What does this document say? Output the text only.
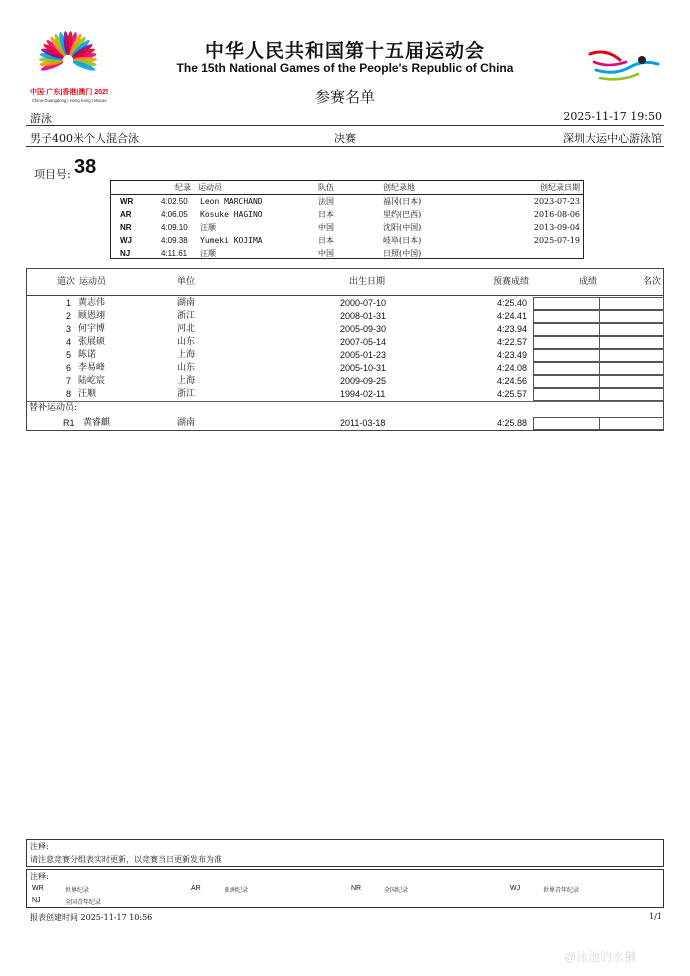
中国·广东|香港|澳门 2025
China·Guangdong | Hong Kong | Macao
中华人民共和国第十五届运动会
The 15th National Games of the People's Republic of China
参赛名单
游泳	2025-11-17 19:50
男子400米个人混合泳	决赛	深圳大运中心游泳馆
项目号: 38
纪录 运动员	队伍	创纪录地	创纪录日期
WR	4:02.50 Leon MARCHAND	法国	福冈(日本)	2023-07-23
AR	4:06.05 Kosuke HAGINO	日本	里约(巴西)	2016-08-06
NR	4:09.10 汪顺	中国	沈阳(中国)	2013-09-04
WJ	4:09.38 Yumeki KOJIMA	日本	岐阜(日本)	2025-07-19
NJ	4:11.61 汪顺	中国	日照(中国)
道次 运动员	单位	出生日期	预赛成绩	成绩	名次
1 黄志伟	湖南	2000-07-10	4:25.40
2 顾恩翊	浙江	2008-01-31	4:24.41
3 何宇博	河北	2005-09-30	4:23.94
4 张展硕	山东	2007-05-14	4:22.57
5 陈诺	上海	2005-01-23	4:23.49
6 李易峰	山东	2005-10-31	4:24.08
7 陆屹宸	上海	2009-09-25	4:24.56
8 汪顺	浙江	1994-02-11	4:25.57
替补运动员:
R1 黄睿麒	湖南	2011-03-18	4:25.88
注释:
请注意竞赛分组表实时更新，以竞赛当日更新发布为准
注释:
WR	世界纪录	AR	亚洲纪录	NR	全国纪录	WJ	世界青年纪录
NJ	全国青年纪录
报表创建时间 2025-11-17 10:56	1/1
@泳池的水獭
